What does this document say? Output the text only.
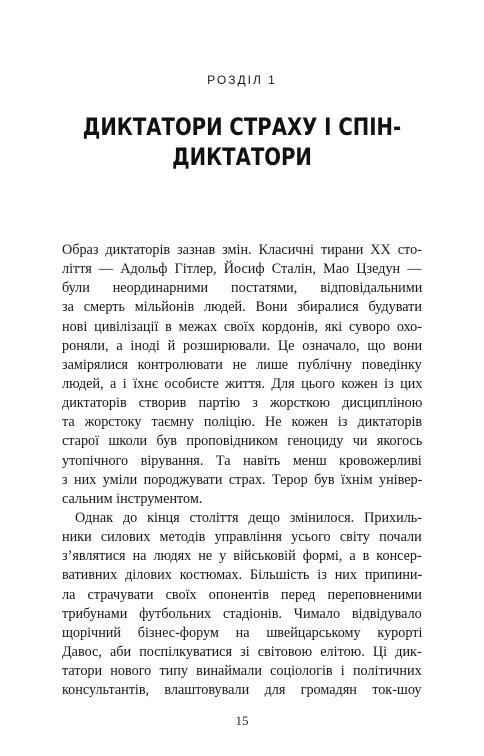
РОЗДІЛ 1
ДИКТАТОРИ СТРАХУ І СПІН-
ДИКТАТОРИ
Образ диктаторів зазнав змін. Класичні тирани XX сто-
ліття — Адольф Гітлер, Йосиф Сталін, Мао Цзедун —
були неординарними постатями, відповідальними
за смерть мільйонів людей. Вони збиралися будувати
нові цивілізації в межах своїх кордонів, які суворо охо-
роняли, а іноді й розширювали. Це означало, що вони
замірялися контролювати не лише публічну поведінку
людей, а і їхнє особисте життя. Для цього кожен із цих
диктаторів створив партію з жорсткою дисципліною
та жорстоку таємну поліцію. Не кожен із диктаторів
старої школи був проповідником геноциду чи якогось
утопічного вірування. Та навіть менш кровожерливі
з них уміли породжувати страх. Терор був їхнім універ-
сальним інструментом.
Однак до кінця століття дещо змінилося. Прихиль-
ники силових методів управління усього світу почали
з’являтися на людях не у військовій формі, а в консер-
вативних ділових костюмах. Більшість із них припини-
ла страчувати своїх опонентів перед переповненими
трибунами футбольних стадіонів. Чимало відвідувало
щорічний бізнес-форум на швейцарському курорті
Давос, аби поспілкуватися зі світовою елітою. Ці дик-
татори нового типу винаймали соціологів і політичних
консультантів, влаштовували для громадян ток-шоу
15
